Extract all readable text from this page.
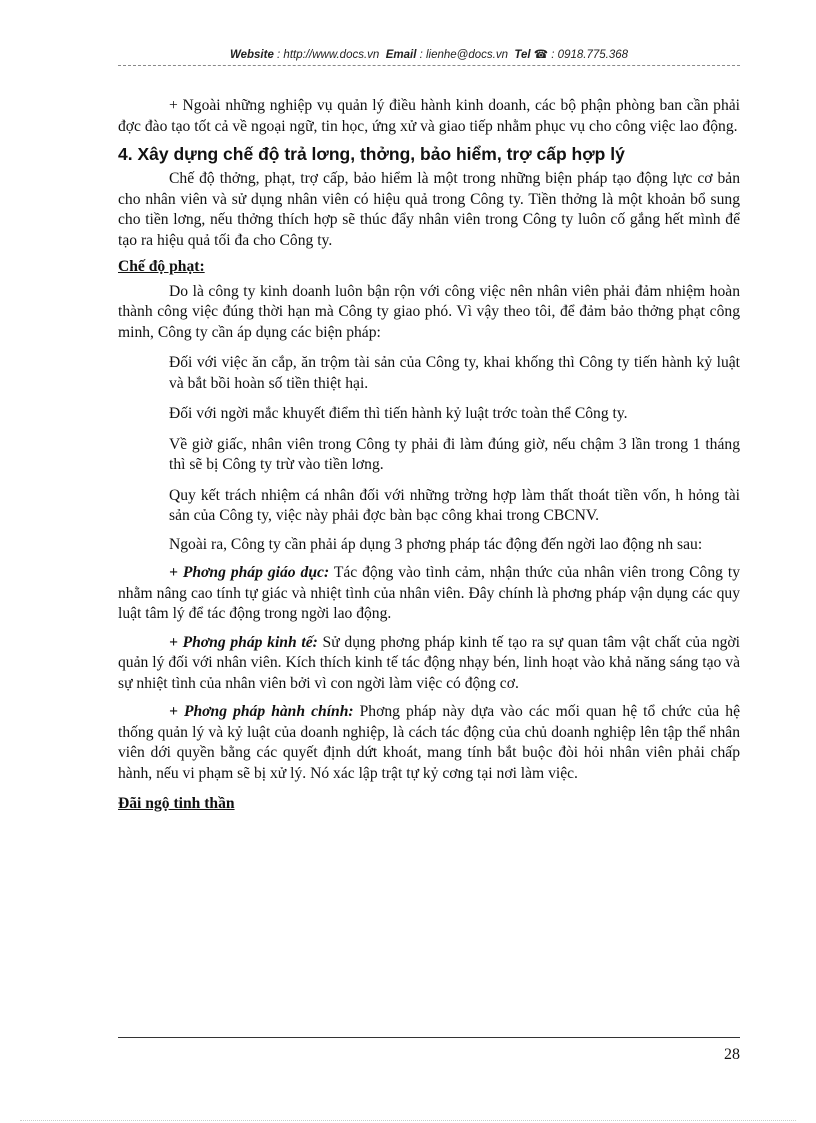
Website : http://www.docs.vn Email : lienhe@docs.vn Tel ☎ : 0918.775.368

+ Ngoài những nghiệp vụ quản lý điều hành kinh doanh, các bộ phận phòng ban cần phải đợc đào tạo tốt cả về ngoại ngữ, tin học, ứng xử và giao tiếp nhằm phục vụ cho công việc lao động.

4. Xây dựng chế độ trả lơng, thởng, bảo hiểm, trợ cấp hợp lý

Chế độ thởng, phạt, trợ cấp, bảo hiểm là một trong những biện pháp tạo động lực cơ bản cho nhân viên và sử dụng nhân viên có hiệu quả trong Công ty. Tiền thởng là một khoản bổ sung cho tiền lơng, nếu thởng thích hợp sẽ thúc đẩy nhân viên trong Công ty luôn cố gắng hết mình để tạo ra hiệu quả tối đa cho Công ty.

Chế độ phạt:

Do là công ty kinh doanh luôn bận rộn với công việc nên nhân viên phải đảm nhiệm hoàn thành công việc đúng thời hạn mà Công ty giao phó. Vì vậy theo tôi, để đảm bảo thởng phạt công minh, Công ty cần áp dụng các biện pháp:

Đối với việc ăn cắp, ăn trộm tài sản của Công ty, khai khống thì Công ty tiến hành kỷ luật và bắt bồi hoàn số tiền thiệt hại.

Đối với ngời mắc khuyết điểm thì tiến hành kỷ luật trớc toàn thể Công ty.

Về giờ giấc, nhân viên trong Công ty phải đi làm đúng giờ, nếu chậm 3 lần trong 1 tháng thì sẽ bị Công ty trừ vào tiền lơng.

Quy kết trách nhiệm cá nhân đối với những trờng hợp làm thất thoát tiền vốn, h hỏng tài sản của Công ty, việc này phải đợc bàn bạc công khai trong CBCNV.

Ngoài ra, Công ty cần phải áp dụng 3 phơng pháp tác động đến ngời lao động nh sau:

+ Phơng pháp giáo dục: Tác động vào tình cảm, nhận thức của nhân viên trong Công ty nhằm nâng cao tính tự giác và nhiệt tình của nhân viên. Đây chính là phơng pháp vận dụng các quy luật tâm lý để tác động trong ngời lao động.

+ Phơng pháp kinh tế: Sử dụng phơng pháp kinh tế tạo ra sự quan tâm vật chất của ngời quản lý đối với nhân viên. Kích thích kinh tế tác động nhạy bén, linh hoạt vào khả năng sáng tạo và sự nhiệt tình của nhân viên bởi vì con ngời làm việc có động cơ.

+ Phơng pháp hành chính: Phơng pháp này dựa vào các mối quan hệ tổ chức của hệ thống quản lý và kỷ luật của doanh nghiệp, là cách tác động của chủ doanh nghiệp lên tập thể nhân viên dới quyền bằng các quyết định dứt khoát, mang tính bắt buộc đòi hỏi nhân viên phải chấp hành, nếu vi phạm sẽ bị xử lý. Nó xác lập trật tự kỷ cơng tại nơi làm việc.

Đãi ngộ tinh thần

28
